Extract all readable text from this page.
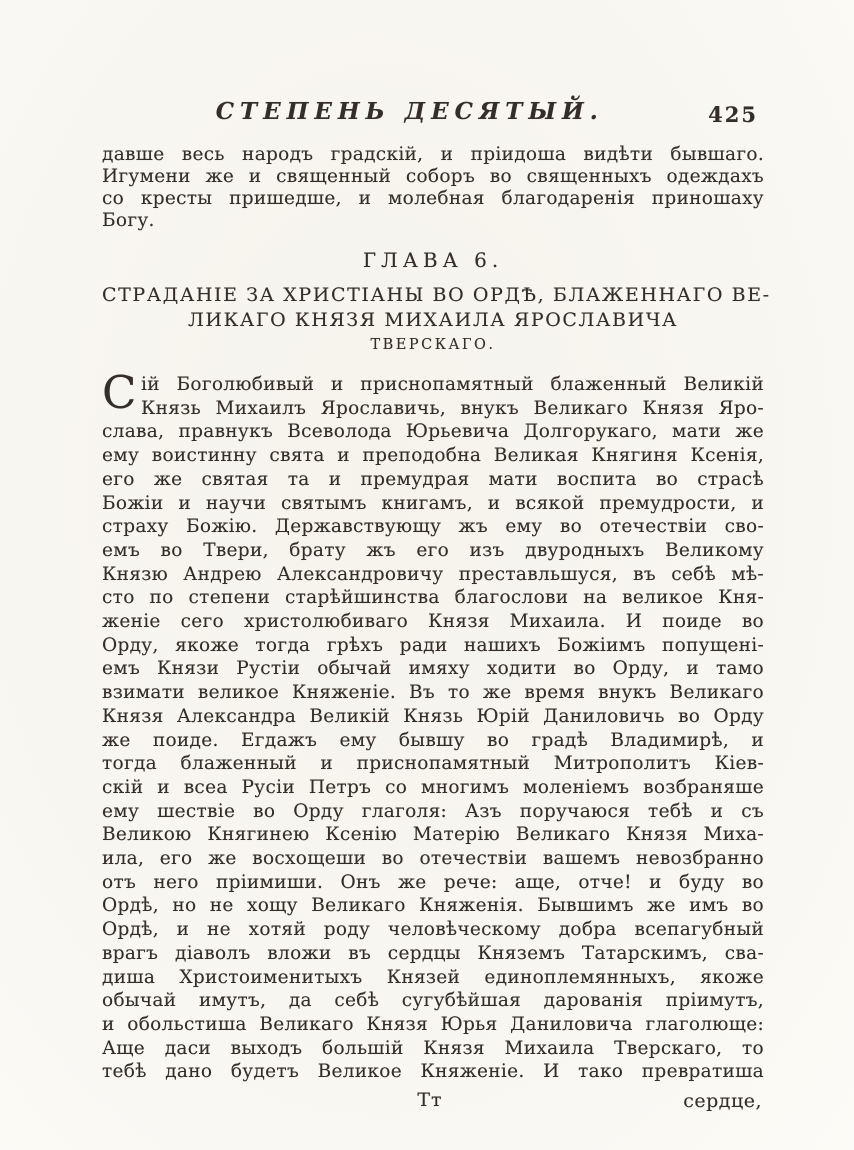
СТЕПЕНЬ ДЕСЯТЫЙ.	425
давше весь народъ градскій, и пріидоша видѣти бывшаго.
Игумени же и священный соборъ во священныхъ одеждахъ
со кресты пришедше, и молебная благодаренія приношаху
Богу.
ГЛАВА 6.
СТРАДАНІЕ ЗА ХРИСТІАНЫ ВО ОРДѢ, БЛАЖЕННАГО ВЕ-
ЛИКАГО КНЯЗЯ МИХАИЛА ЯРОСЛАВИЧА
ТВЕРСКАГО.
С ій Боголюбивый и приснопамятный блаженный Великій
Князь Михаилъ Ярославичь, внукъ Великаго Князя Яро-
слава, правнукъ Всеволода Юрьевича Долгорукаго, мати же
ему воистинну свята и преподобна Великая Княгиня Ксенія,
его же святая та и премудрая мати воспита во страсѣ
Божіи и научи святымъ книгамъ, и всякой премудрости, и
страху Божію. Державствующу жъ ему во отечествіи сво-
емъ во Твери, брату жъ его изъ двуродныхъ Великому
Князю Андрею Александровичу преставльшуся, въ себѣ мѣ-
сто по степени старѣйшинства благослови на великое Кня-
женіе сего христолюбиваго Князя Михаила. И поиде во
Орду, якоже тогда грѣхъ ради нашихъ Божіимъ попущені-
емъ Князи Рустіи обычай имяху ходити во Орду, и тамо
взимати великое Княженіе. Въ то же время внукъ Великаго
Князя Александра Великій Князь Юрій Даниловичь во Орду
же поиде. Егдажъ ему бывшу во градѣ Владимирѣ, и
тогда блаженный и приснопамятный Митрополитъ Кіев-
скій и всеа Русіи Петръ со многимъ моленіемъ возбраняше
ему шествіе во Орду глаголя: Азъ поручаюся тебѣ и съ
Великою Княгинею Ксенію Матерію Великаго Князя Миха-
ила, его же восхощеши во отечествіи вашемъ невозбранно
отъ него пріимиши. Онъ же рече: аще, отче! и буду во
Ордѣ, но не хощу Великаго Княженія. Бывшимъ же имъ во
Ордѣ, и не хотяй роду человѣческому добра всепагубный
врагъ діаволъ вложи въ сердцы Княземъ Татарскимъ, сва-
диша Христоименитыхъ Князей единоплемянныхъ, якоже
обычай имутъ, да себѣ сугубѣйшая дарованія пріимутъ,
и обольстиша Великаго Князя Юрья Даниловича глаголюще:
Аще даси выходъ большій Князя Михаила Тверскаго, то
тебѣ дано будетъ Великое Княженіе. И тако превратиша
Тт	сердце,
